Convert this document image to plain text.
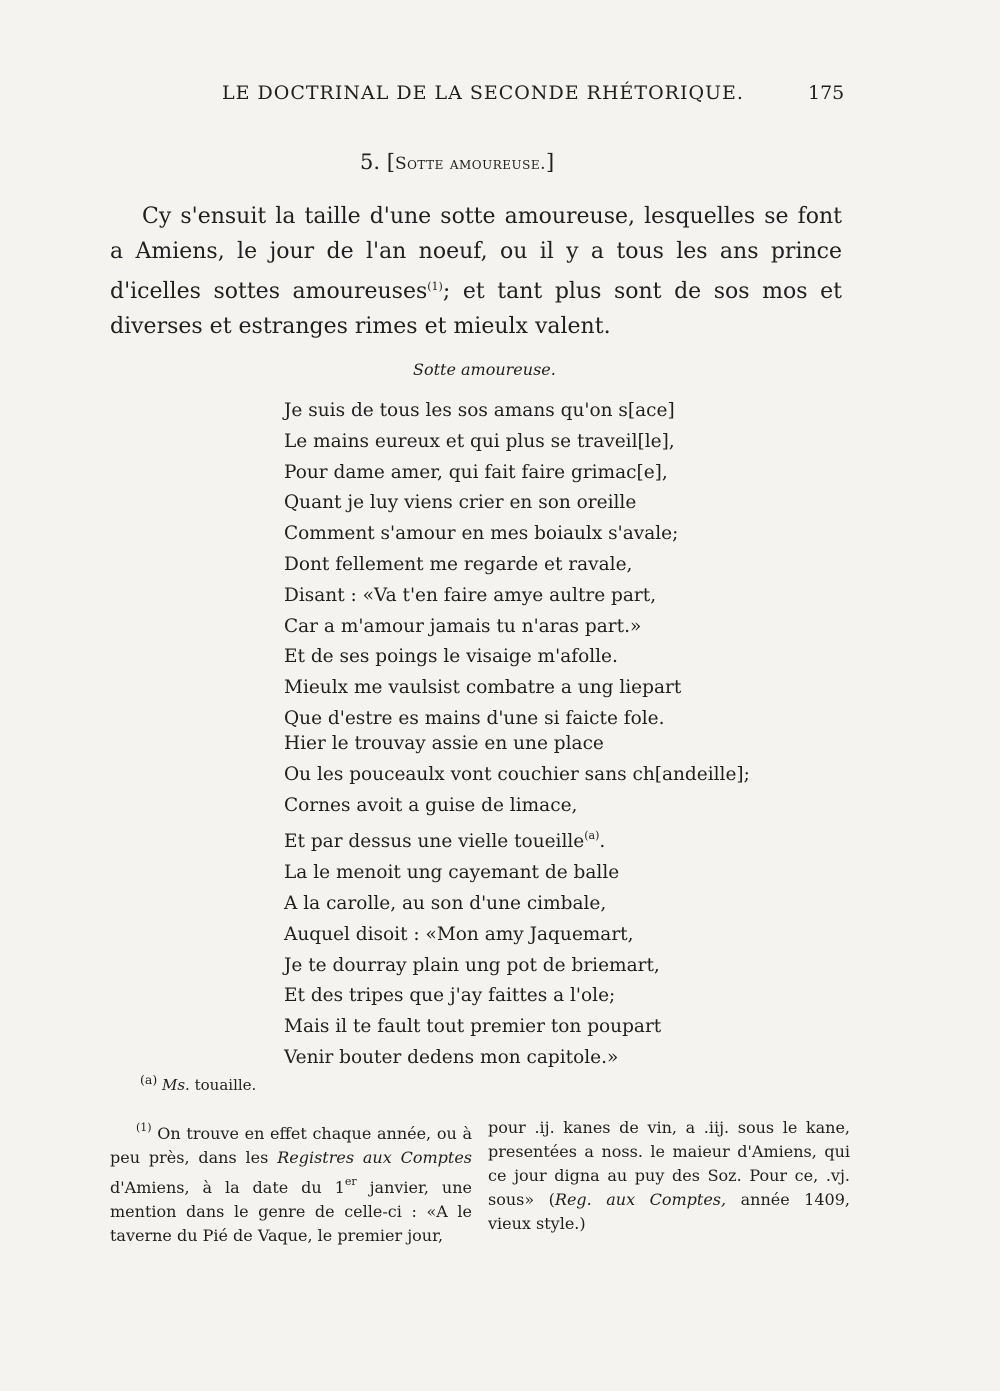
LE DOCTRINAL DE LA SECONDE RHÉTORIQUE.	175
5. [Sotte amoureuse.]

Cy s'ensuit la taille d'une sotte amoureuse, lesquelles se font a Amiens, le jour de l'an noeuf, ou il y a tous les ans prince d'icelles sottes amoureuses$^{(1)}$; et tant plus sont de sos mos et diverses et estranges rimes et mieulx valent.

Sotte amoureuse.
Je suis de tous les sos amans qu'on s[ace]
Le mains eureux et qui plus se traveil[le],
Pour dame amer, qui fait faire grimac[e],
Quant je luy viens crier en son oreille
Comment s'amour en mes boiaulx s'avale;
Dont fellement me regarde et ravale,
Disant : «Va t'en faire amye aultre part,
Car a m'amour jamais tu n'aras part.»
Et de ses poings le visaige m'afolle.
Mieulx me vaulsist combatre a ung liepart
Que d'estre es mains d'une si faicte fole.
Hier le trouvay assie en une place
Ou les pouceaulx vont couchier sans ch[andeille];
Cornes avoit a guise de limace,
Et par dessus une vielle toueille$^{(a)}$.
La le menoit ung cayemant de balle
A la carolle, au son d'une cimbale,
Auquel disoit : «Mon amy Jaquemart,
Je te dourray plain ung pot de briemart,
Et des tripes que j'ay faittes a l'ole;
Mais il te fault tout premier ton poupart
Venir bouter dedens mon capitole.»
$^{(a)}$ Ms. touaille.
$^{(1)}$ On trouve en effet chaque année, ou à peu près, dans les Registres aux Comptes d'Amiens, à la date du 1er janvier, une mention dans le genre de celle-ci : «A le taverne du Pié de Vaque, le premier jour,
pour .ij. kanes de vin, a .iij. sous le kane, presentées a noss. le maieur d'Amiens, qui ce jour digna au puy des Soz. Pour ce, .vj. sous» (Reg. aux Comptes, année 1409, vieux style.)
